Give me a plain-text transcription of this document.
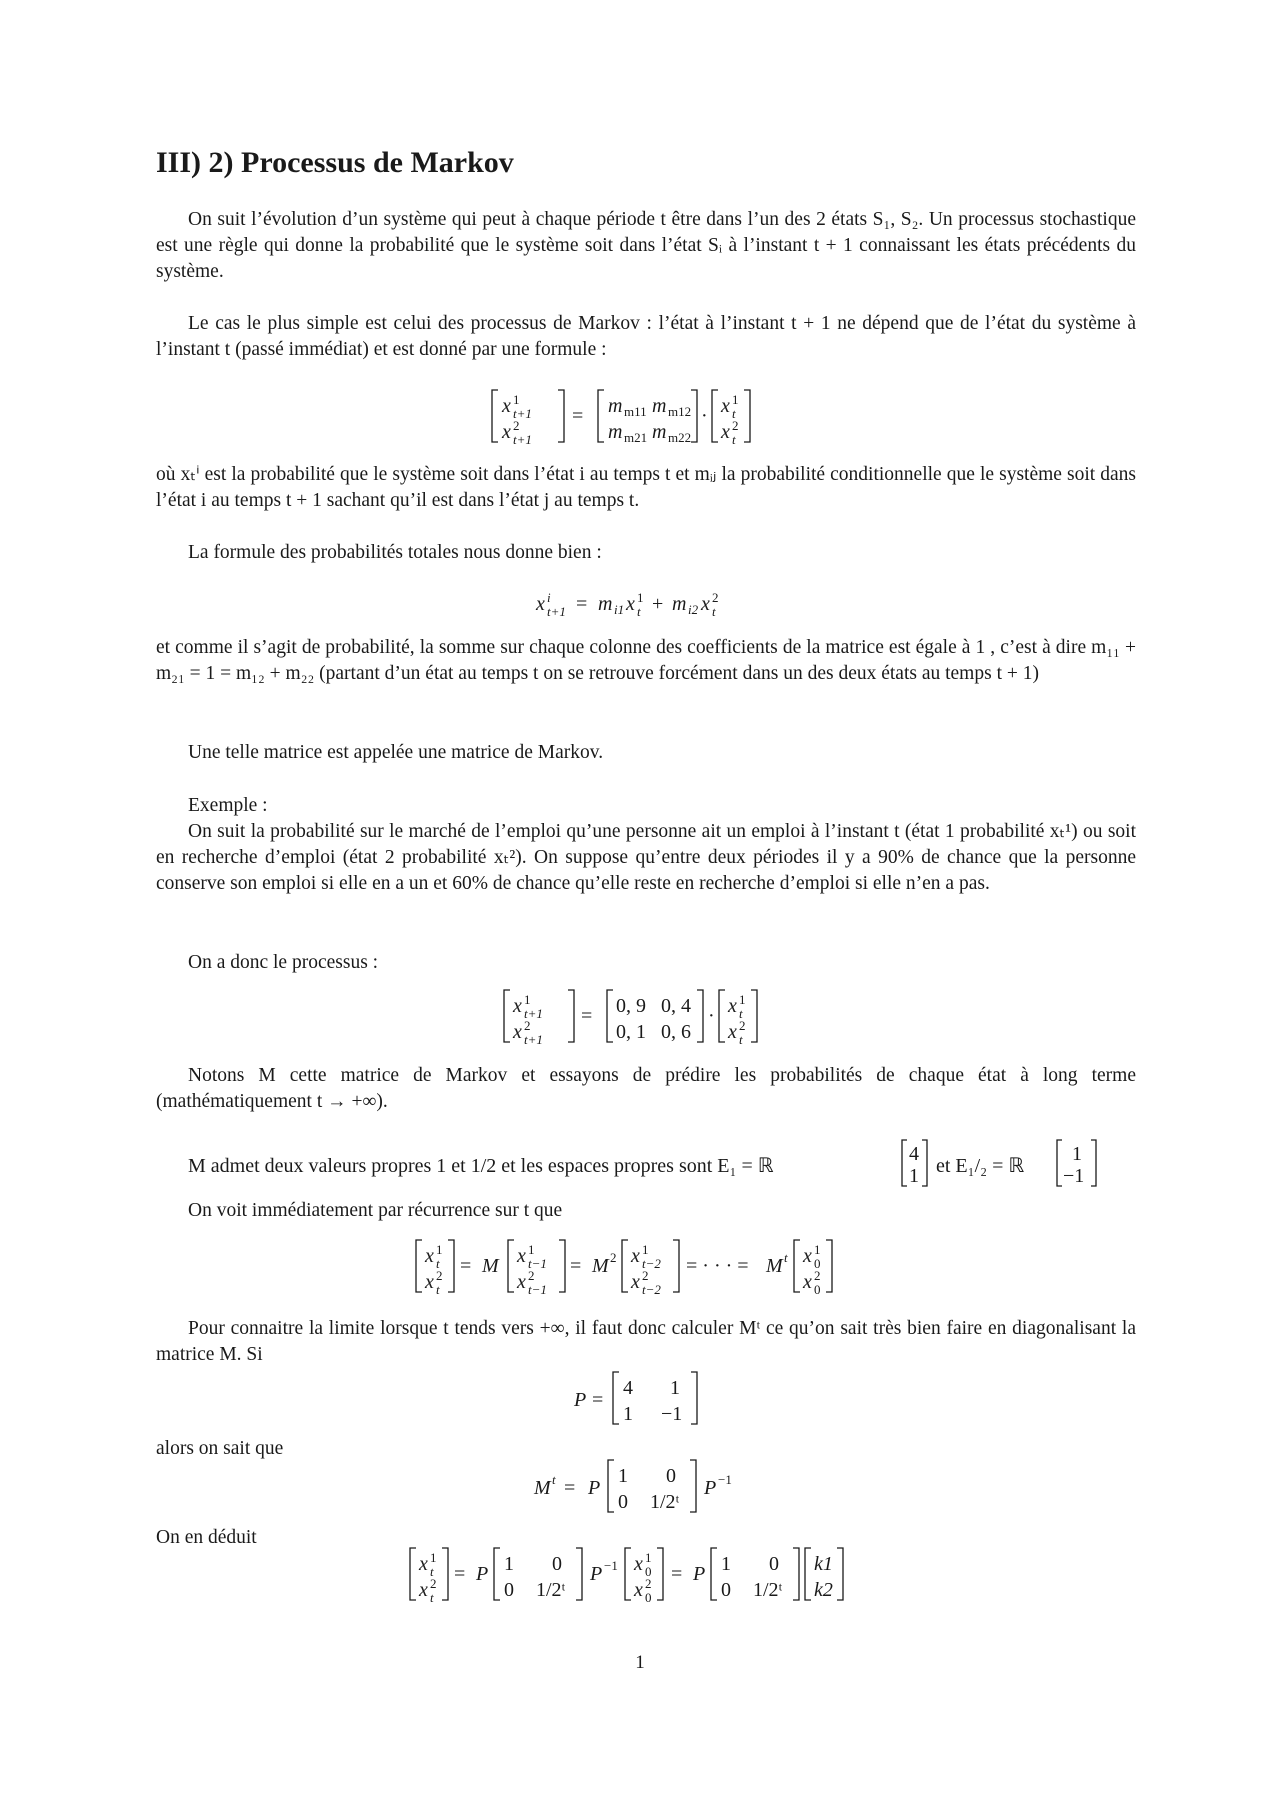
III) 2) Processus de Markov
On suit l’évolution d’un système qui peut à chaque période t être dans l’un des 2 états S₁, S₂. Un processus stochastique est une règle qui donne la probabilité que le système soit dans l’état Sᵢ à l’instant t + 1 connaissant les états précédents du système.
Le cas le plus simple est celui des processus de Markov : l’état à l’instant t + 1 ne dépend que de l’état du système à l’instant t (passé immédiat) et est donné par une formule :
x 1
t+1
x 2
t+1
= m m11 m m12
m m21 m m22
· x 1
t
x 2
t
où xₜⁱ est la probabilité que le système soit dans l’état i au temps t et mᵢⱼ la probabilité conditionnelle que le système soit dans l’état i au temps t + 1 sachant qu’il est dans l’état j au temps t.
La formule des probabilités totales nous donne bien :
x i
t+1 = m i1 x 1
t + m i2 x 2
t
et comme il s’agit de probabilité, la somme sur chaque colonne des coefficients de la matrice est égale à 1 , c’est à dire m₁₁ + m₂₁ = 1 = m₁₂ + m₂₂ (partant d’un état au temps t on se retrouve forcément dans un des deux états au temps t + 1)
Une telle matrice est appelée une matrice de Markov.
Exemple :
On suit la probabilité sur le marché de l’emploi qu’une personne ait un emploi à l’instant t (état 1 probabilité xₜ¹) ou soit en recherche d’emploi (état 2 probabilité xₜ²). On suppose qu’entre deux périodes il y a 90% de chance que la personne conserve son emploi si elle en a un et 60% de chance qu’elle reste en recherche d’emploi si elle n’en a pas.
On a donc le processus :
x 1
t+1
x 2
t+1
= 0, 9 0, 4
0, 1 0, 6
· x 1
t
x 2
t
Notons M cette matrice de Markov et essayons de prédire les probabilités de chaque état à long terme (mathématiquement t → +∞).
M admet deux valeurs propres 1 et 1/2 et les espaces propres sont E₁ = ℝ
4
1 et E₁/₂ = ℝ
1
−1
On voit immédiatement par récurrence sur t que
x 1
t
x 2
t
= M x 1
t−1
x 2
t−1
= M 2 x 1
t−2
x 2
t−2
= · · · = M t x 1
0
x 2
0
Pour connaitre la limite lorsque t tends vers +∞, il faut donc calculer Mᵗ ce qu’on sait très bien faire en diagonalisant la matrice M. Si
P =
4 1
1 −1
alors on sait que
M t = P
1 0
0 1/2ᵗ
P −1
On en déduit
x 1
t
x 2
t
= P 1 0
0 1/2ᵗ
P −1 x 1
0
x 2
0
= P 1 0
0 1/2ᵗ
k1
k2
1
